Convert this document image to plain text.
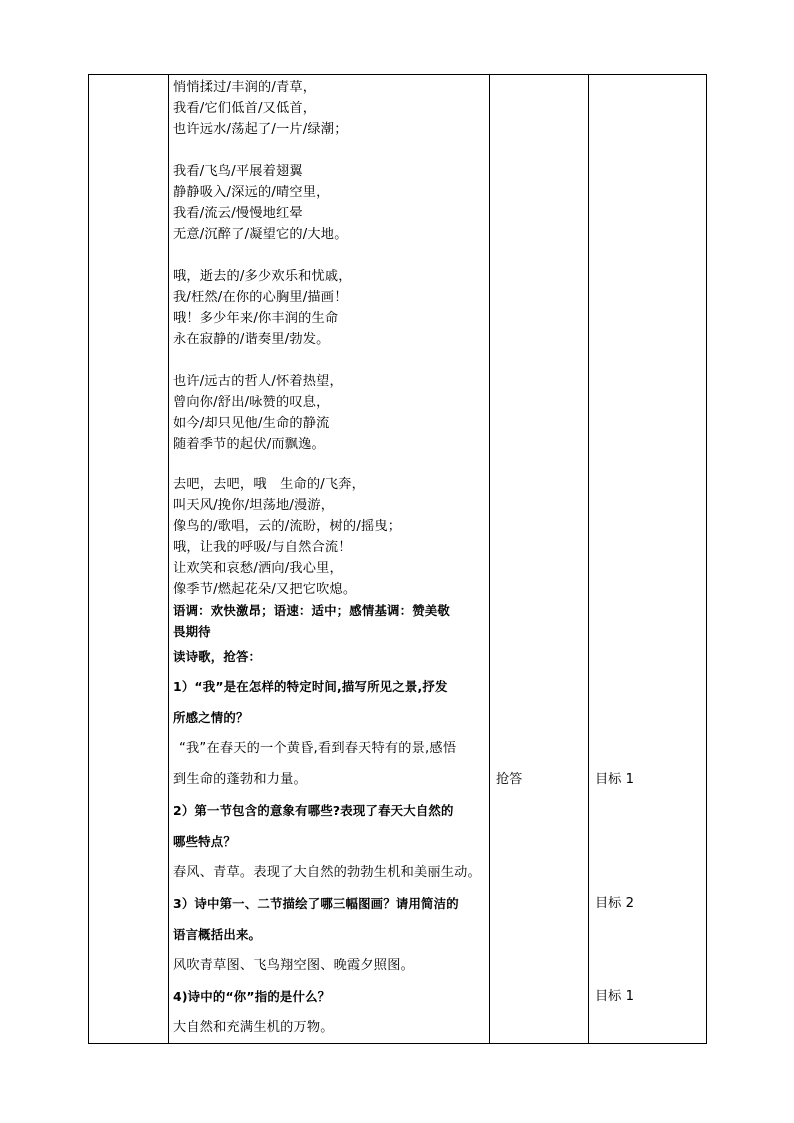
悄悄揉过/丰润的/青草，
我看/它们低首/又低首，
也许远水/荡起了/一片/绿潮；
我看/飞鸟/平展着翅翼
静静吸入/深远的/晴空里，
我看/流云/慢慢地红晕
无意/沉醉了/凝望它的/大地。
哦，逝去的/多少欢乐和忧戚，
我/枉然/在你的心胸里/描画！
哦！多少年来/你丰润的生命
永在寂静的/谐奏里/勃发。
也许/远古的哲人/怀着热望，
曾向你/舒出/咏赞的叹息，
如今/却只见他/生命的静流
随着季节的起伏/而飘逸。
去吧，去吧，哦　生命的/飞奔，
叫天风/挽你/坦荡地/漫游，
像鸟的/歌唱，云的/流盼，树的/摇曳；
哦，让我的呼吸/与自然合流！
让欢笑和哀愁/洒向/我心里，
像季节/燃起花朵/又把它吹熄。
语调：欢快激昂；语速：适中；感情基调：赞美敬
畏期待
读诗歌，抢答：
1）“我”是在怎样的特定时间,描写所见之景,抒发
所感之情的？
“我”在春天的一个黄昏,看到春天特有的景,感悟
到生命的蓬勃和力量。
2）第一节包含的意象有哪些?表现了春天大自然的
哪些特点？
春风、青草。表现了大自然的勃勃生机和美丽生动。
3）诗中第一、二节描绘了哪三幅图画？请用简洁的
语言概括出来。
风吹青草图、飞鸟翔空图、晚霞夕照图。
4)诗中的“你”指的是什么？
大自然和充满生机的万物。
抢答	目标 1
目标 2
目标 1
